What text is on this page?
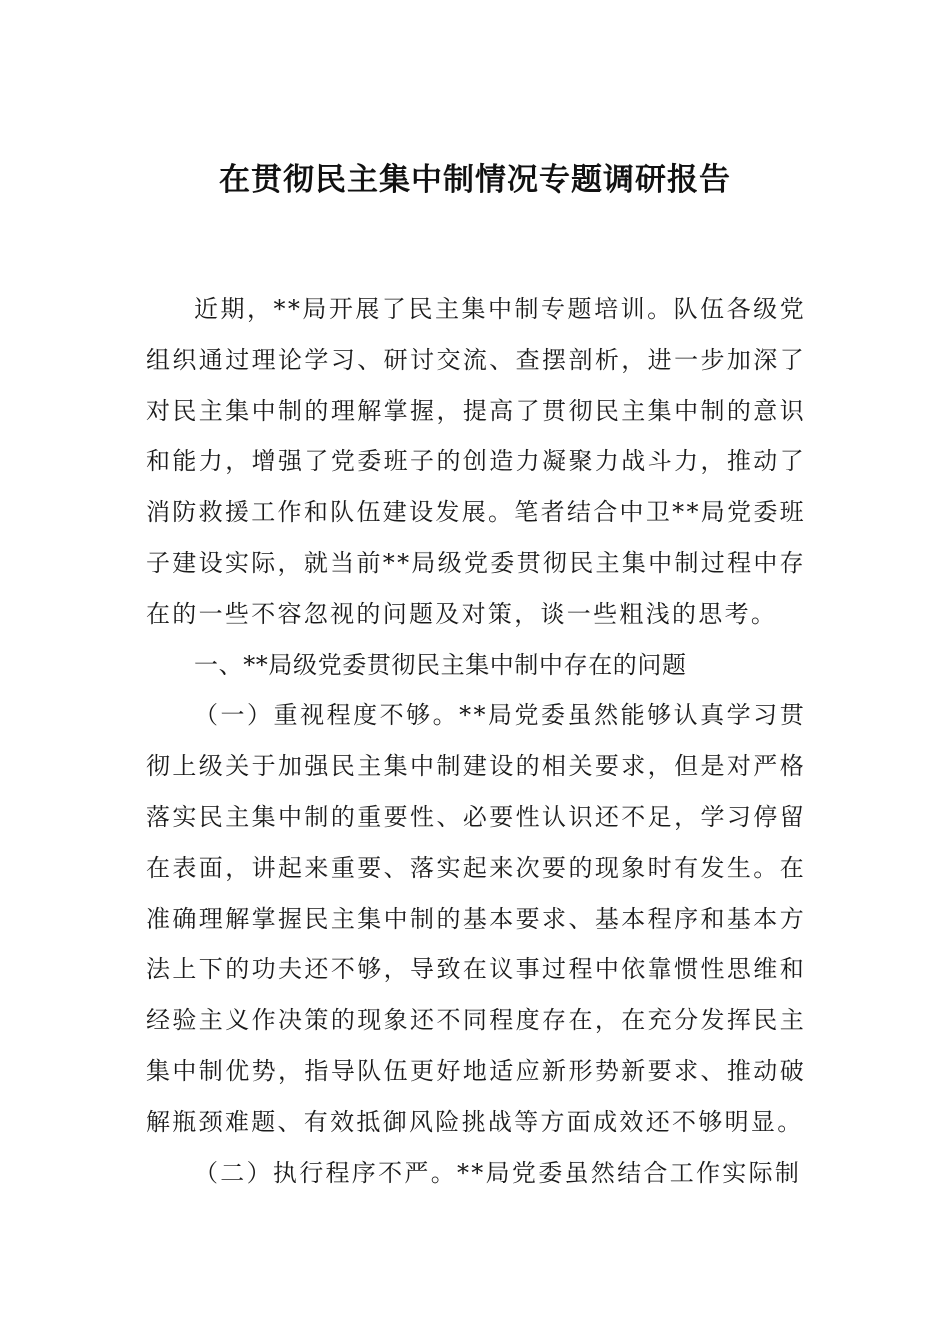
在贯彻民主集中制情况专题调研报告

近期，**局开展了民主集中制专题培训。队伍各级党组织通过理论学习、研讨交流、查摆剖析，进一步加深了对民主集中制的理解掌握，提高了贯彻民主集中制的意识和能力，增强了党委班子的创造力凝聚力战斗力，推动了消防救援工作和队伍建设发展。笔者结合中卫**局党委班子建设实际，就当前**局级党委贯彻民主集中制过程中存在的一些不容忽视的问题及对策，谈一些粗浅的思考。

一、**局级党委贯彻民主集中制中存在的问题

（一）重视程度不够。**局党委虽然能够认真学习贯彻上级关于加强民主集中制建设的相关要求，但是对严格落实民主集中制的重要性、必要性认识还不足，学习停留在表面，讲起来重要、落实起来次要的现象时有发生。在准确理解掌握民主集中制的基本要求、基本程序和基本方法上下的功夫还不够，导致在议事过程中依靠惯性思维和经验主义作决策的现象还不同程度存在，在充分发挥民主集中制优势，指导队伍更好地适应新形势新要求、推动破解瓶颈难题、有效抵御风险挑战等方面成效还不够明显。

（二）执行程序不严。**局党委虽然结合工作实际制
